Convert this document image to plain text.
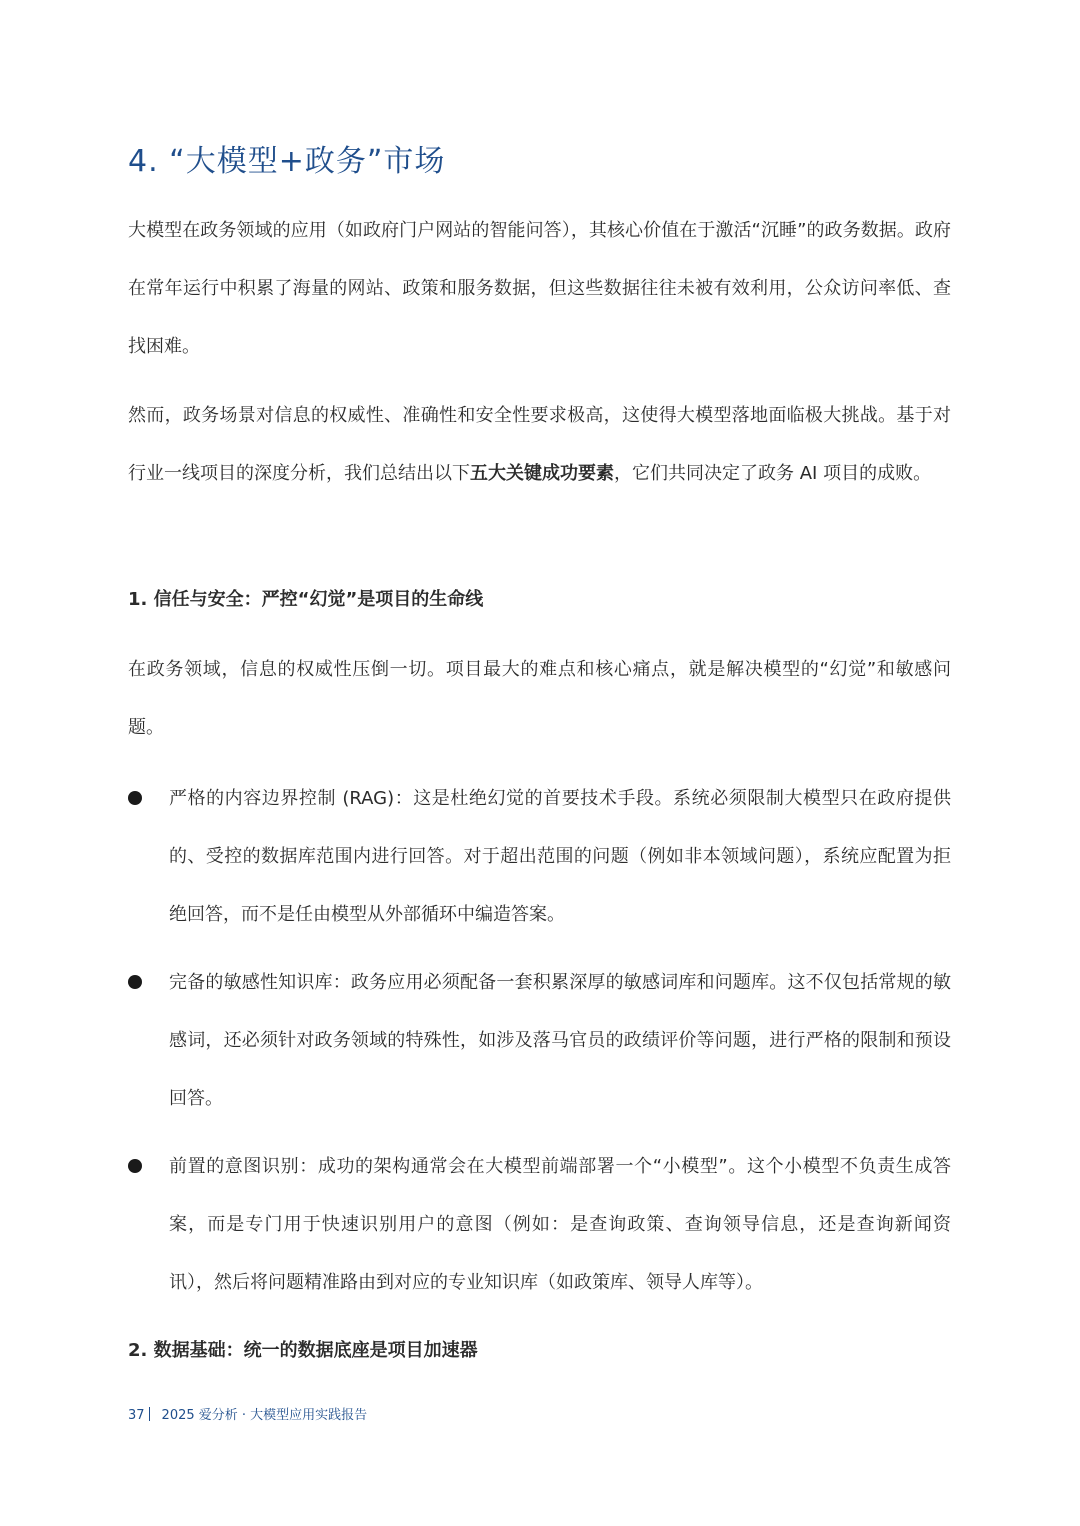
4. “大模型+政务”市场

大模型在政务领域的应用（如政府门户网站的智能问答），其核心价值在于激活“沉睡”的政务数据。政府在常年运行中积累了海量的网站、政策和服务数据，但这些数据往往未被有效利用，公众访问率低、查找困难。

然而，政务场景对信息的权威性、准确性和安全性要求极高，这使得大模型落地面临极大挑战。基于对行业一线项目的深度分析，我们总结出以下五大关键成功要素，它们共同决定了政务 AI 项目的成败。

1. 信任与安全：严控“幻觉”是项目的生命线

在政务领域，信息的权威性压倒一切。项目最大的难点和核心痛点，就是解决模型的“幻觉”和敏感问题。

严格的内容边界控制 (RAG)：这是杜绝幻觉的首要技术手段。系统必须限制大模型只在政府提供的、受控的数据库范围内进行回答。对于超出范围的问题（例如非本领域问题），系统应配置为拒绝回答，而不是任由模型从外部循环中编造答案。

完备的敏感性知识库：政务应用必须配备一套积累深厚的敏感词库和问题库。这不仅包括常规的敏感词，还必须针对政务领域的特殊性，如涉及落马官员的政绩评价等问题，进行严格的限制和预设回答。

前置的意图识别：成功的架构通常会在大模型前端部署一个“小模型”。这个小模型不负责生成答案，而是专门用于快速识别用户的意图（例如：是查询政策、查询领导信息，还是查询新闻资讯），然后将问题精准路由到对应的专业知识库（如政策库、领导人库等）。

2. 数据基础：统一的数据底座是项目加速器
37 2025 爱分析 · 大模型应用实践报告
